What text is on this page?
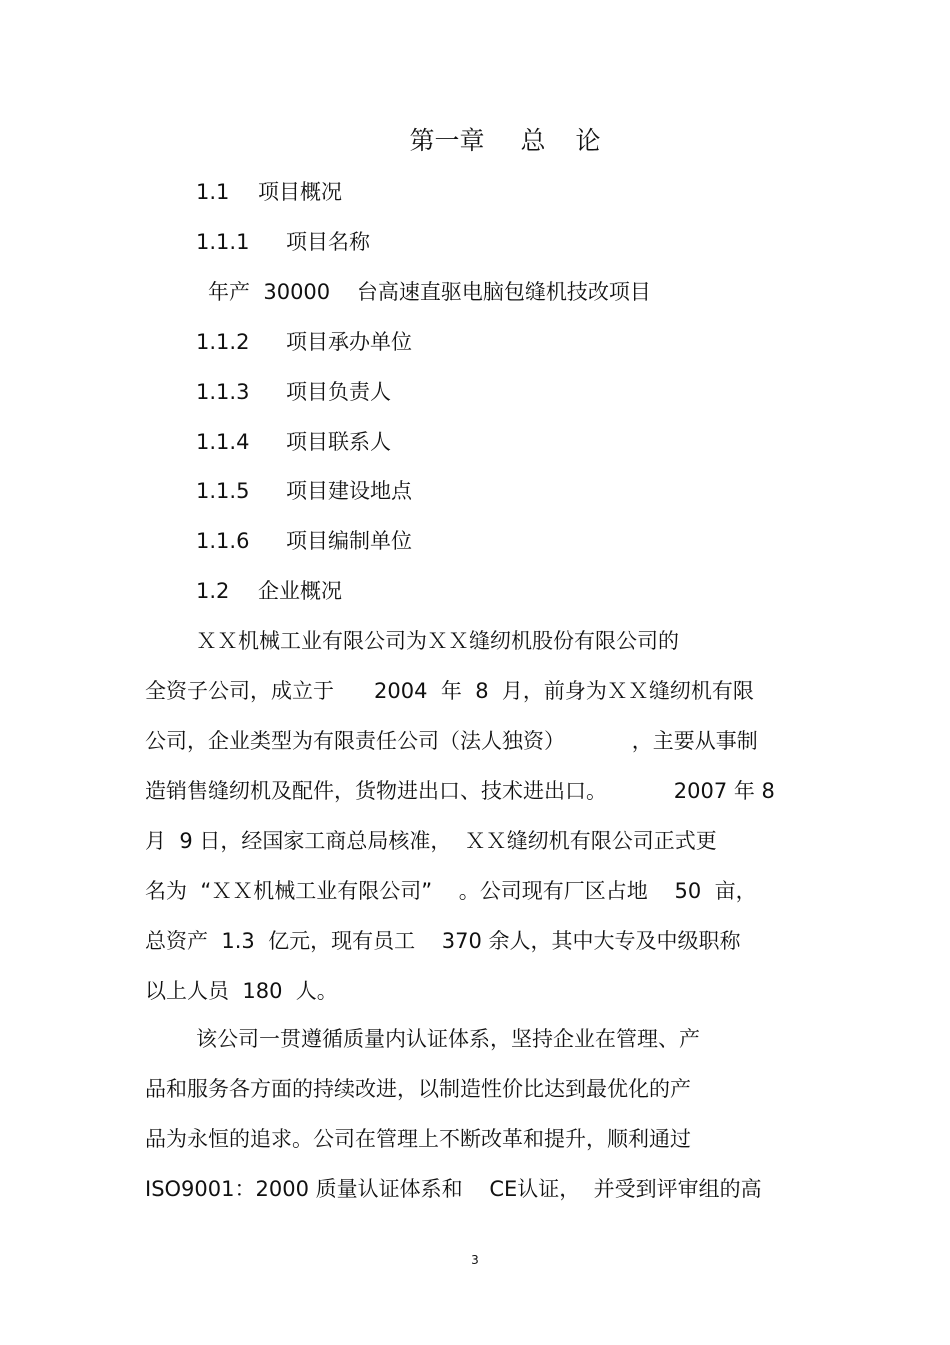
第一章 总 论
1.1 项目概况
1.1.1 项目名称
年产  30000    台高速直驱电脑包缝机技改项目
1.1.2 项目承办单位
1.1.3 项目负责人
1.1.4 项目联系人
1.1.5 项目建设地点
1.1.6 项目编制单位
1.2 企业概况
ＸＸ机械工业有限公司为ＸＸ缝纫机股份有限公司的
全资子公司，成立于      2004  年  8  月，前身为ＸＸ缝纫机有限
公司，企业类型为有限责任公司（法人独资）          ，主要从事制
造销售缝纫机及配件，货物进出口、技术进出口。          2007 年 8
月  9 日，经国家工商总局核准，  ＸＸ缝纫机有限公司正式更
名为  “ＸＸ机械工业有限公司”    。公司现有厂区占地    50  亩，
总资产  1.3  亿元，现有员工    370 余人，其中大专及中级职称
以上人员  180  人。
该公司一贯遵循质量内认证体系，坚持企业在管理、产
品和服务各方面的持续改进，以制造性价比达到最优化的产
品为永恒的追求。公司在管理上不断改革和提升，顺利通过
ISO9001：2000 质量认证体系和    CE认证，  并受到评审组的高
3
